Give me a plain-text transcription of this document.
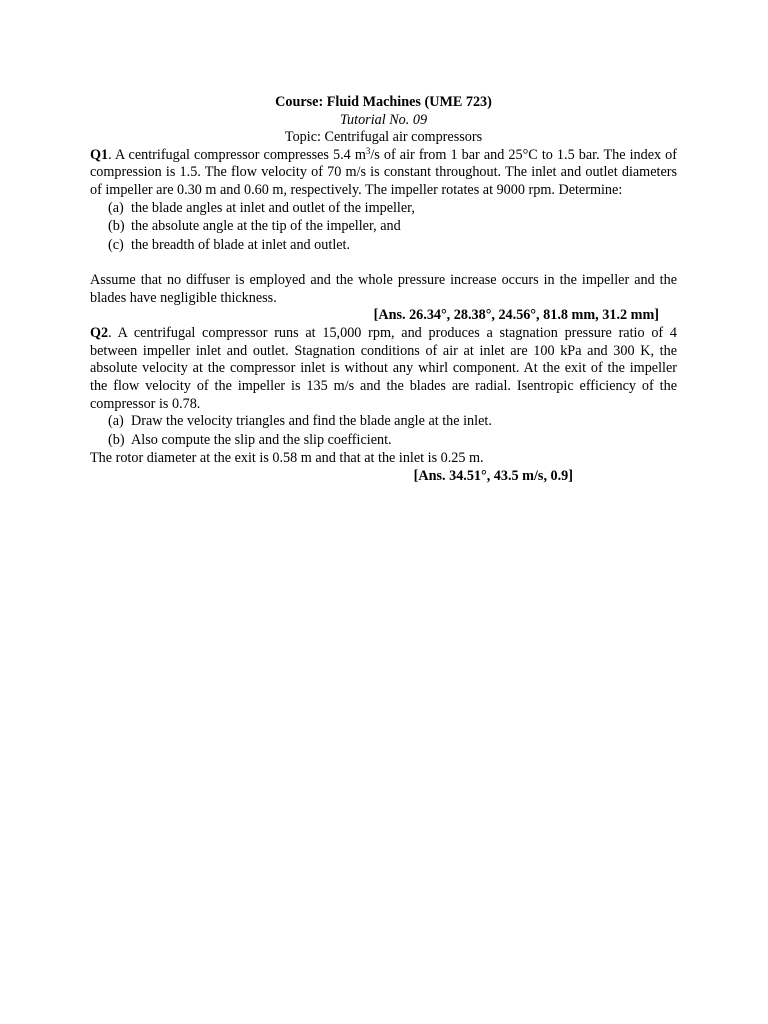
Course: Fluid Machines (UME 723)
Tutorial No. 09
Topic: Centrifugal air compressors
Q1. A centrifugal compressor compresses 5.4 $m^3/s$ of air from 1 bar and 25°C to 1.5 bar. The index of compression is 1.5. The flow velocity of 70 m/s is constant throughout. The inlet and outlet diameters of impeller are 0.30 m and 0.60 m, respectively. The impeller rotates at 9000 rpm. Determine:
(a) the blade angles at inlet and outlet of the impeller,
(b) the absolute angle at the tip of the impeller, and
(c) the breadth of blade at inlet and outlet.
Assume that no diffuser is employed and the whole pressure increase occurs in the impeller and the blades have negligible thickness.
[Ans. 26.34°, 28.38°, 24.56°, 81.8 mm, 31.2 mm]
Q2. A centrifugal compressor runs at 15,000 rpm, and produces a stagnation pressure ratio of 4 between impeller inlet and outlet. Stagnation conditions of air at inlet are 100 kPa and 300 K, the absolute velocity at the compressor inlet is without any whirl component. At the exit of the impeller the flow velocity of the impeller is 135 m/s and the blades are radial. Isentropic efficiency of the compressor is 0.78.
(a) Draw the velocity triangles and find the blade angle at the inlet.
(b) Also compute the slip and the slip coefficient.
The rotor diameter at the exit is 0.58 m and that at the inlet is 0.25 m.
[Ans. 34.51°, 43.5 m/s, 0.9]
